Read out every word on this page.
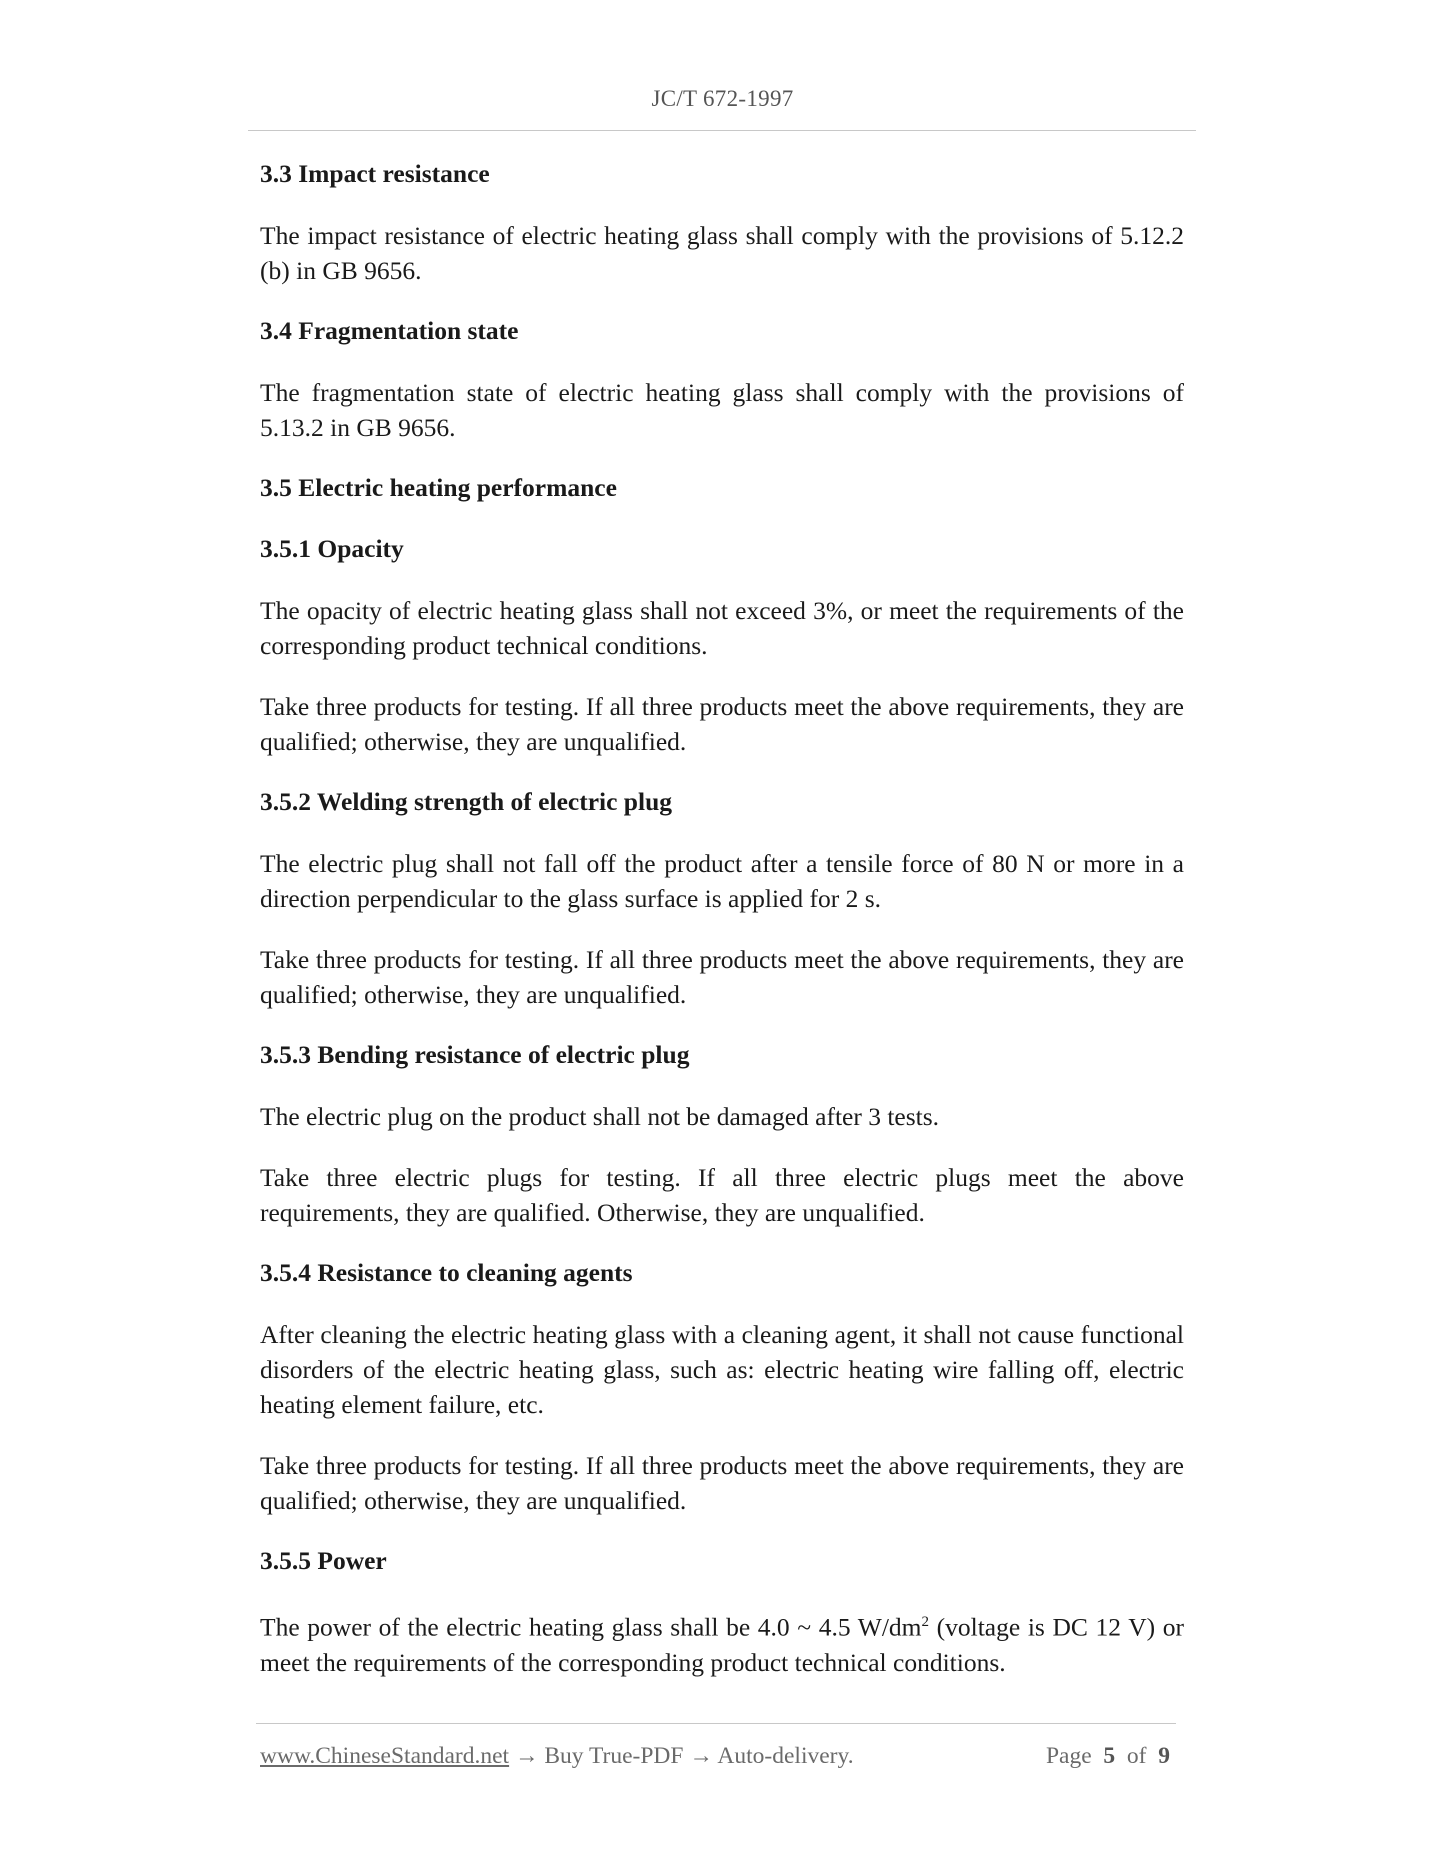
JC/T 672-1997

3.3 Impact resistance

The impact resistance of electric heating glass shall comply with the provisions of 5.12.2 (b) in GB 9656.

3.4 Fragmentation state

The fragmentation state of electric heating glass shall comply with the provisions of 5.13.2 in GB 9656.

3.5 Electric heating performance

3.5.1 Opacity

The opacity of electric heating glass shall not exceed 3%, or meet the requirements of the corresponding product technical conditions.

Take three products for testing. If all three products meet the above requirements, they are qualified; otherwise, they are unqualified.

3.5.2 Welding strength of electric plug

The electric plug shall not fall off the product after a tensile force of 80 N or more in a direction perpendicular to the glass surface is applied for 2 s.

Take three products for testing. If all three products meet the above requirements, they are qualified; otherwise, they are unqualified.

3.5.3 Bending resistance of electric plug

The electric plug on the product shall not be damaged after 3 tests.

Take three electric plugs for testing. If all three electric plugs meet the above requirements, they are qualified. Otherwise, they are unqualified.

3.5.4 Resistance to cleaning agents

After cleaning the electric heating glass with a cleaning agent, it shall not cause functional disorders of the electric heating glass, such as: electric heating wire falling off, electric heating element failure, etc.

Take three products for testing. If all three products meet the above requirements, they are qualified; otherwise, they are unqualified.

3.5.5 Power

The power of the electric heating glass shall be 4.0 ~ 4.5 $W/dm^2$ (voltage is DC 12 V) or meet the requirements of the corresponding product technical conditions.

www.ChineseStandard.net → Buy True-PDF → Auto-delivery.	Page 5 of 9
